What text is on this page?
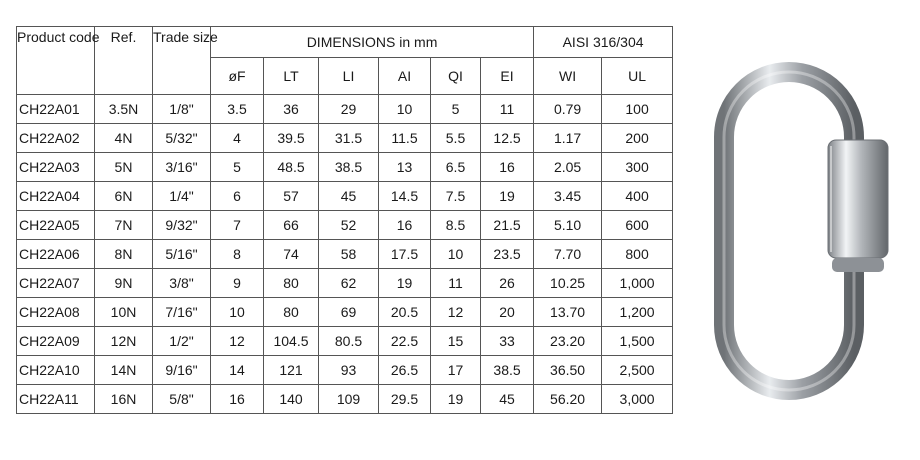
Product code	Ref.	Trade size	DIMENSIONS in mm						AISI 316/304	
			øF	LT	LI	AI	QI	EI	WI	UL
CH22A01	3.5N	1/8"	3.5	36	29	10	5	11	0.79	100
CH22A02	4N	5/32"	4	39.5	31.5	11.5	5.5	12.5	1.17	200
CH22A03	5N	3/16"	5	48.5	38.5	13	6.5	16	2.05	300
CH22A04	6N	1/4"	6	57	45	14.5	7.5	19	3.45	400
CH22A05	7N	9/32"	7	66	52	16	8.5	21.5	5.10	600
CH22A06	8N	5/16"	8	74	58	17.5	10	23.5	7.70	800
CH22A07	9N	3/8"	9	80	62	19	11	26	10.25	1,000
CH22A08	10N	7/16"	10	80	69	20.5	12	20	13.70	1,200
CH22A09	12N	1/2"	12	104.5	80.5	22.5	15	33	23.20	1,500
CH22A10	14N	9/16"	14	121	93	26.5	17	38.5	36.50	2,500
CH22A11	16N	5/8"	16	140	109	29.5	19	45	56.20	3,000
